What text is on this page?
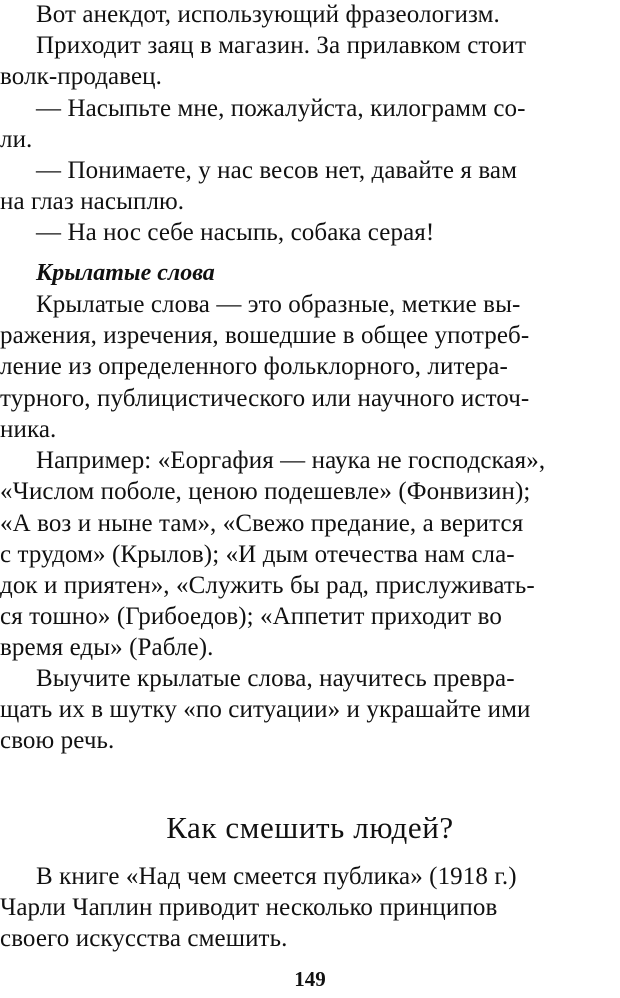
Вот анекдот, использующий фразеологизм.
Приходит заяц в магазин. За прилавком стоит
волк-продавец.
— Насыпьте мне, пожалуйста, килограмм со-
ли.
— Понимаете, у нас весов нет, давайте я вам
на глаз насыплю.
— На нос себе насыпь, собака серая!
Крылатые слова
Крылатые слова — это образные, меткие вы-
ражения, изречения, вошедшие в общее употреб-
ление из определенного фольклорного, литера-
турного, публицистического или научного источ-
ника.
Например: «Еоргафия — наука не господская»,
«Числом поболе, ценою подешевле» (Фонвизин);
«А воз и ныне там», «Свежо предание, а верится
с трудом» (Крылов); «И дым отечества нам сла-
док и приятен», «Служить бы рад, прислуживать-
ся тошно» (Грибоедов); «Аппетит приходит во
время еды» (Рабле).
Выучите крылатые слова, научитесь превра-
щать их в шутку «по ситуации» и украшайте ими
свою речь.
Как смешить людей?
В книге «Над чем смеется публика» (1918 г.)
Чарли Чаплин приводит несколько принципов
своего искусства смешить.
149
